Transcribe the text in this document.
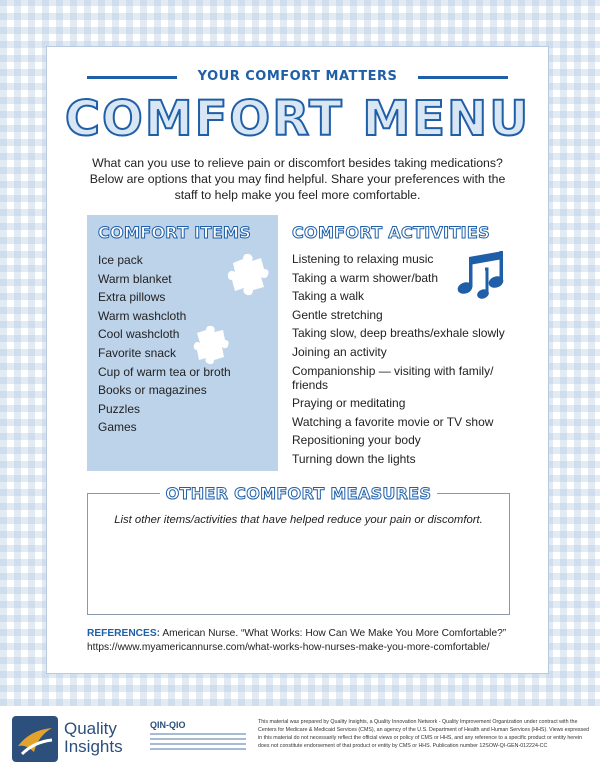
YOUR COMFORT MATTERS
COMFORT MENU

What can you use to relieve pain or discomfort besides taking medications? Below are options that you may find helpful. Share your preferences with the staff to help make you feel more comfortable.

COMFORT ITEMS
Ice pack
Warm blanket
Extra pillows
Warm washcloth
Cool washcloth
Favorite snack
Cup of warm tea or broth
Books or magazines
Puzzles
Games
COMFORT ACTIVITIES
Listening to relaxing music
Taking a warm shower/bath
Taking a walk
Gentle stretching
Taking slow, deep breaths/exhale slowly
Joining an activity
Companionship — visiting with family/ friends
Praying or meditating
Watching a favorite movie or TV show
Repositioning your body
Turning down the lights
OTHER COMFORT MEASURES

List other items/activities that have helped reduce your pain or discomfort.

REFERENCES: American Nurse. “What Works: How Can We Make You More Comfortable?”
https://www.myamericannurse.com/what-works-how-nurses-make-you-more-comfortable/
Quality
Insights
QIN-QIO	This material was prepared by Quality Insights, a Quality Innovation Network - Quality Improvement Organization under contract with the Centers for Medicare & Medicaid Services (CMS), an agency of the U.S. Department of Health and Human Services (HHS). Views expressed in this material do not necessarily reflect the official views or policy of CMS or HHS, and any reference to a specific product or entity herein does not constitute endorsement of that product or entity by CMS or HHS. Publication number 12SOW-QI-GEN-012224-CC
